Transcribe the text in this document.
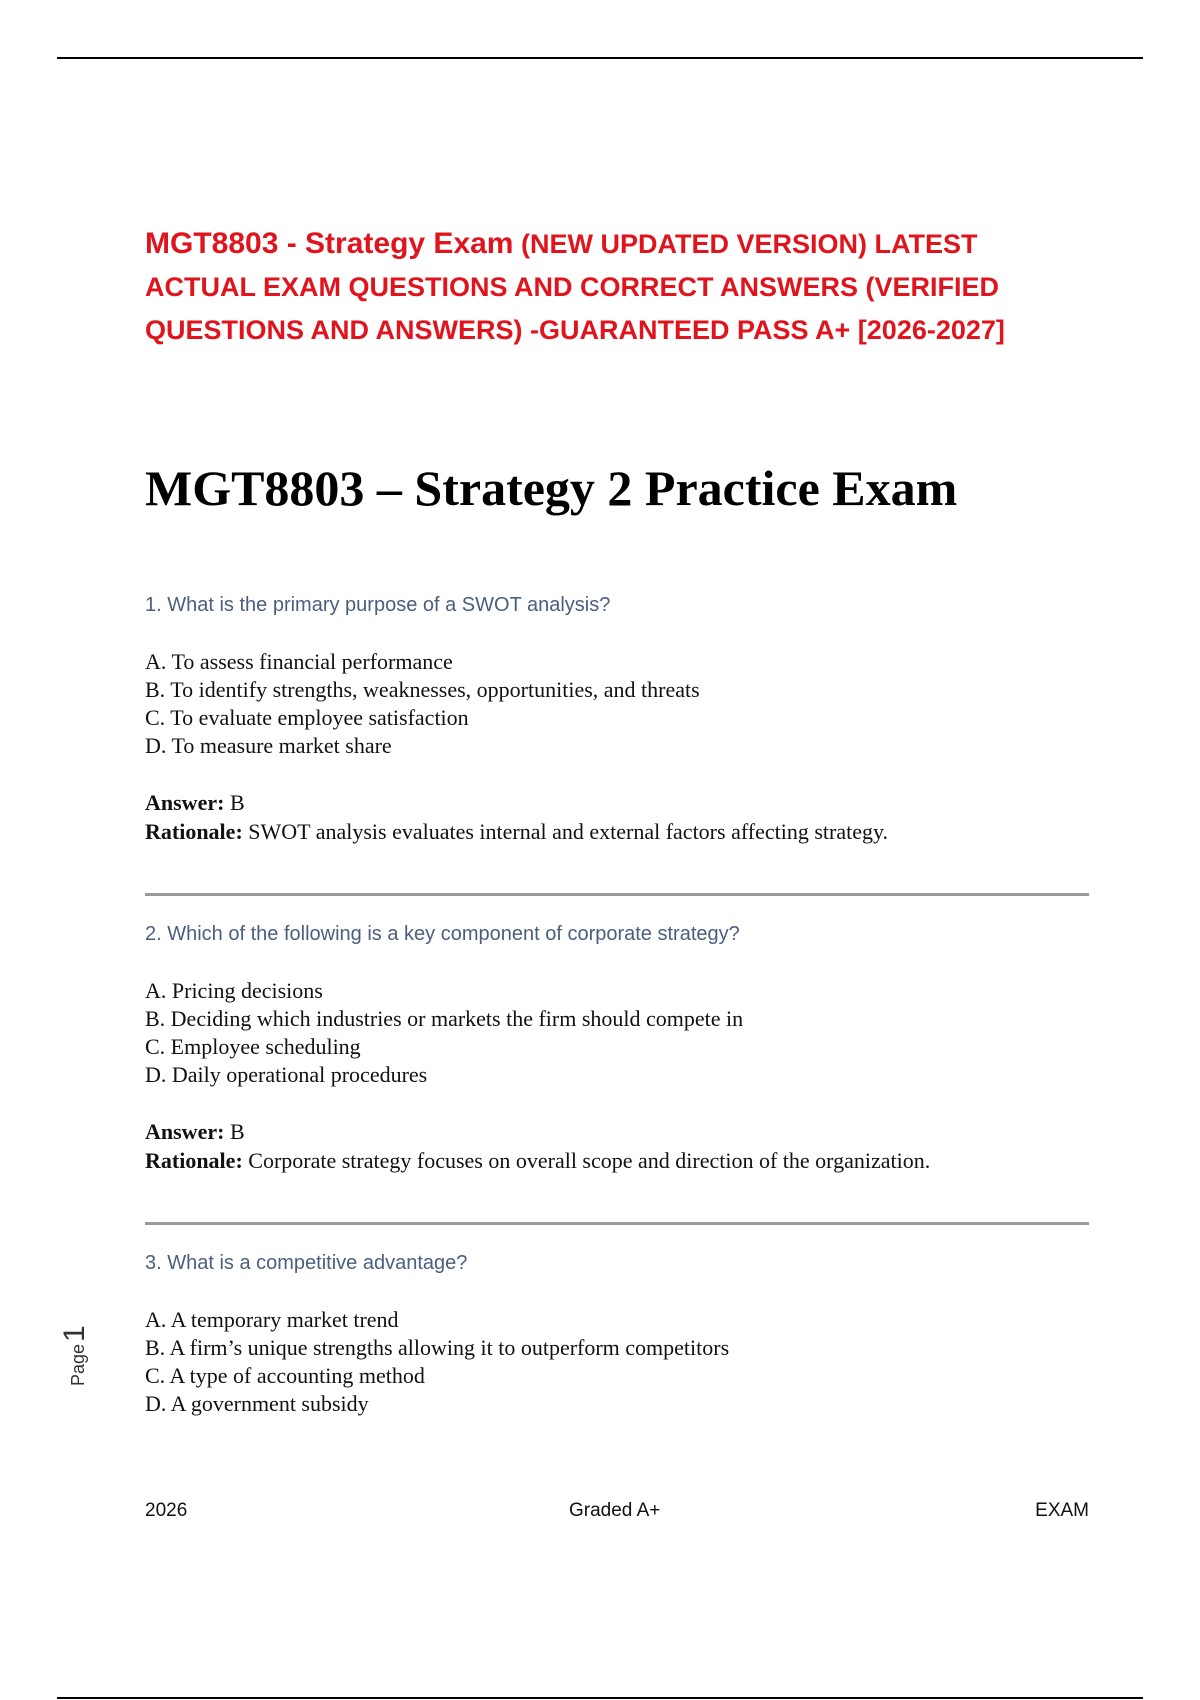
MGT8803 - Strategy Exam (NEW UPDATED VERSION) LATEST ACTUAL EXAM QUESTIONS AND CORRECT ANSWERS (VERIFIED QUESTIONS AND ANSWERS) -GUARANTEED PASS A+ [2026-2027]
MGT8803 – Strategy 2 Practice Exam

1. What is the primary purpose of a SWOT analysis?

A. To assess financial performance
B. To identify strengths, weaknesses, opportunities, and threats
C. To evaluate employee satisfaction
D. To measure market share
Answer: B
Rationale: SWOT analysis evaluates internal and external factors affecting strategy.

2. Which of the following is a key component of corporate strategy?

A. Pricing decisions
B. Deciding which industries or markets the firm should compete in
C. Employee scheduling
D. Daily operational procedures
Answer: B
Rationale: Corporate strategy focuses on overall scope and direction of the organization.

3. What is a competitive advantage?

A. A temporary market trend
B. A firm’s unique strengths allowing it to outperform competitors
C. A type of accounting method
D. A government subsidy
Page
1
2026	Graded A+	EXAM
